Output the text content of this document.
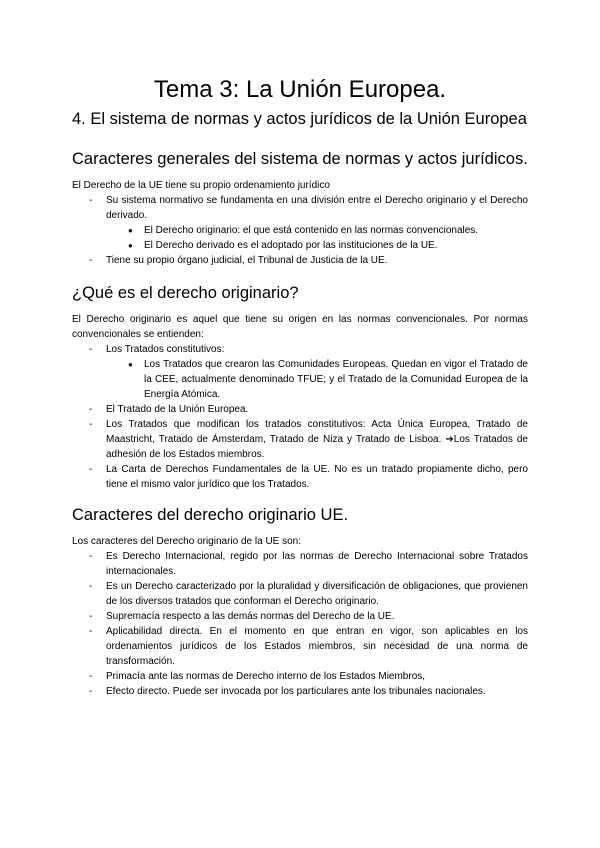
Tema 3: La Unión Europea.
4. El sistema de normas y actos jurídicos de la Unión Europea
Caracteres generales del sistema de normas y actos jurídicos.

El Derecho de la UE tiene su propio ordenamiento jurídico

- Su sistema normativo se fundamenta en una división entre el Derecho originario y el Derecho derivado.
● El Derecho originario: el que está contenido en las normas convencionales.
● El Derecho derivado es el adoptado por las instituciones de la UE.
- Tiene su propio órgano judicial, el Tribunal de Justicia de la UE.
¿Qué es el derecho originario?

El Derecho originario es aquel que tiene su origen en las normas convencionales. Por normas convencionales se entienden:

- Los Tratados constitutivos:
● Los Tratados que crearon las Comunidades Europeas. Quedan en vigor el Tratado de la CEE, actualmente denominado TFUE; y el Tratado de la Comunidad Europea de la Energía Atómica.
- El Tratado de la Unión Europea.
- Los Tratados que modifican los tratados constitutivos: Acta Única Europea, Tratado de Maastricht, Tratado de Ámsterdam, Tratado de Niza y Tratado de Lisboa. ➔Los Tratados de adhesión de los Estados miembros.
- La Carta de Derechos Fundamentales de la UE. No es un tratado propiamente dicho, pero tiene el mismo valor jurídico que los Tratados.
Caracteres del derecho originario UE.

Los caracteres del Derecho originario de la UE son:

- Es Derecho Internacional, regido por las normas de Derecho Internacional sobre Tratados internacionales.
- Es un Derecho caracterizado por la pluralidad y diversificación de obligaciones, que provienen de los diversos tratados que conforman el Derecho originario.
- Supremacía respecto a las demás normas del Derecho de la UE.
- Aplicabilidad directa. En el momento en que entran en vigor, son aplicables en los ordenamientos jurídicos de los Estados miembros, sin necesidad de una norma de transformación.
- Primacía ante las normas de Derecho interno de los Estados Miembros,
- Efecto directo. Puede ser invocada por los particulares ante los tribunales nacionales.
